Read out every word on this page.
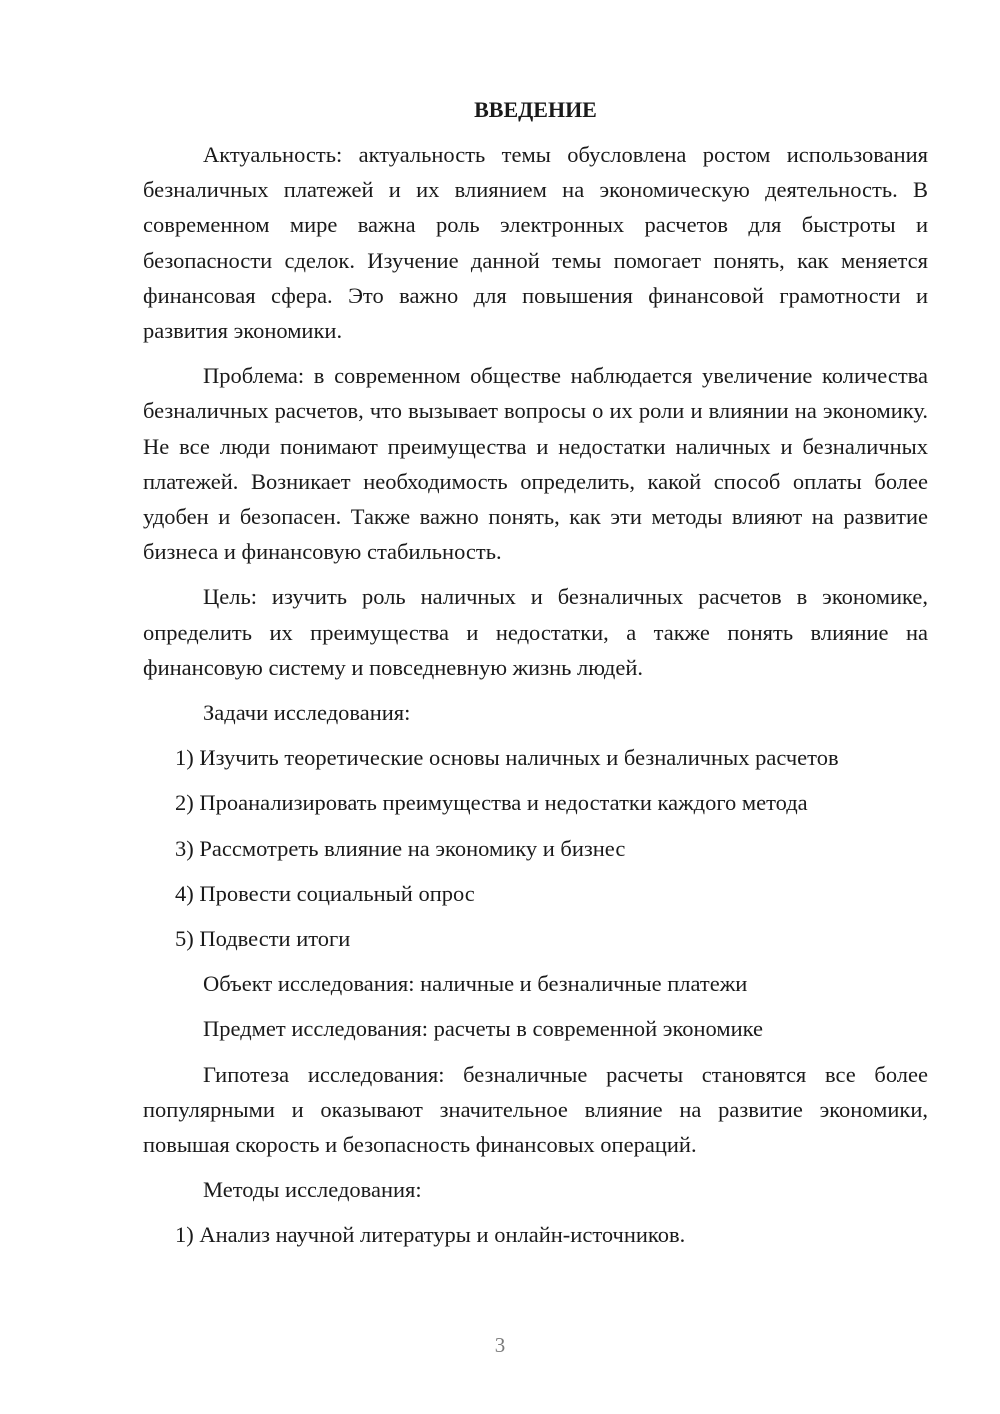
ВВЕДЕНИЕ

Актуальность: актуальность темы обусловлена ростом использования безналичных платежей и их влиянием на экономическую деятельность. В современном мире важна роль электронных расчетов для быстроты и безопасности сделок. Изучение данной темы помогает понять, как меняется финансовая сфера. Это важно для повышения финансовой грамотности и развития экономики.

Проблема: в современном обществе наблюдается увеличение количества безналичных расчетов, что вызывает вопросы о их роли и влиянии на экономику. Не все люди понимают преимущества и недостатки наличных и безналичных платежей. Возникает необходимость определить, какой способ оплаты более удобен и безопасен. Также важно понять, как эти методы влияют на развитие бизнеса и финансовую стабильность.

Цель: изучить роль наличных и безналичных расчетов в экономике, определить их преимущества и недостатки, а также понять влияние на финансовую систему и повседневную жизнь людей.

Задачи исследования:

1) Изучить теоретические основы наличных и безналичных расчетов

2) Проанализировать преимущества и недостатки каждого метода

3) Рассмотреть влияние на экономику и бизнес

4) Провести социальный опрос

5) Подвести итоги

Объект исследования: наличные и безналичные платежи

Предмет исследования: расчеты в современной экономике

Гипотеза исследования: безналичные расчеты становятся все более популярными и оказывают значительное влияние на развитие экономики, повышая скорость и безопасность финансовых операций.

Методы исследования:

1) Анализ научной литературы и онлайн-источников.

3
